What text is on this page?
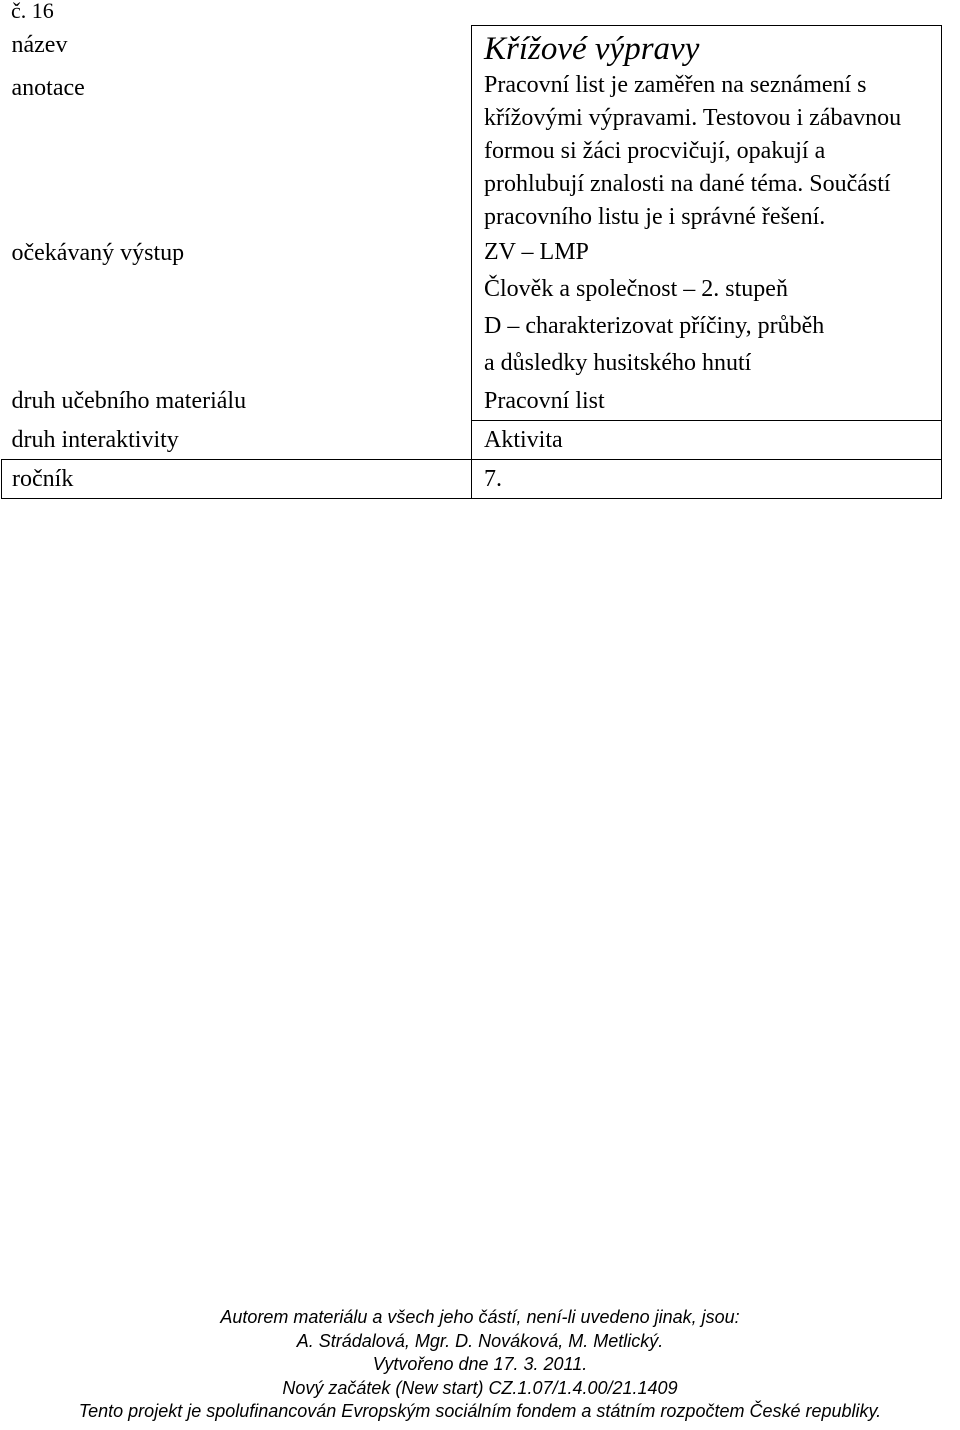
č. 16
název	Křížové výpravy

anotace	Pracovní list je zaměřen na seznámení s křížovými výpravami. Testovou i zábavnou formou si žáci procvičují, opakují a prohlubují znalosti na dané téma. Součástí pracovního listu je i správné řešení.

očekávaný výstup	ZV – LMP
Člověk a společnost – 2. stupeň
D – charakterizovat příčiny, průběh
a důsledky husitského hnutí

druh učebního materiálu	Pracovní list
druh interaktivity	Aktivita
ročník	7.
Autorem materiálu a všech jeho částí, není-li uvedeno jinak, jsou:
A. Strádalová, Mgr. D. Nováková, M. Metlický.
Vytvořeno dne 17. 3. 2011.
Nový začátek (New start) CZ.1.07/1.4.00/21.1409
Tento projekt je spolufinancován Evropským sociálním fondem a státním rozpočtem České republiky.
